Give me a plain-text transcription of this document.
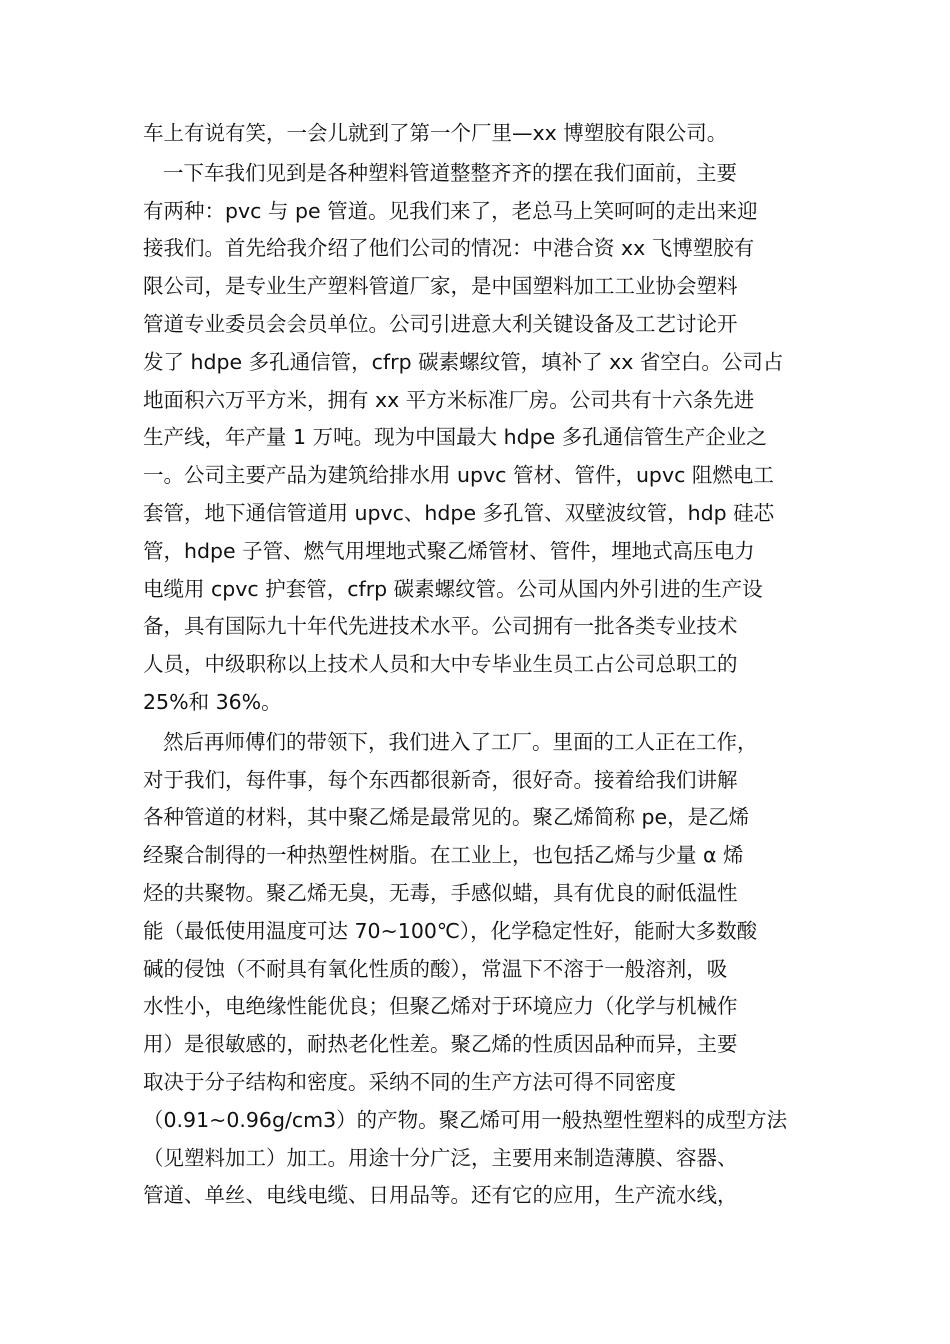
车上有说有笑，一会儿就到了第一个厂里—xx 博塑胶有限公司。
一下车我们见到是各种塑料管道整整齐齐的摆在我们面前，主要
有两种：pvc 与 pe 管道。见我们来了，老总马上笑呵呵的走出来迎
接我们。首先给我介绍了他们公司的情况：中港合资 xx 飞博塑胶有
限公司，是专业生产塑料管道厂家，是中国塑料加工工业协会塑料
管道专业委员会会员单位。公司引进意大利关键设备及工艺讨论开
发了 hdpe 多孔通信管，cfrp 碳素螺纹管，填补了 xx 省空白。公司占
地面积六万平方米，拥有 xx 平方米标准厂房。公司共有十六条先进
生产线，年产量 1 万吨。现为中国最大 hdpe 多孔通信管生产企业之
一。公司主要产品为建筑给排水用 upvc 管材、管件，upvc 阻燃电工
套管，地下通信管道用 upvc、hdpe 多孔管、双壁波纹管，hdp 硅芯
管，hdpe 子管、燃气用埋地式聚乙烯管材、管件，埋地式高压电力
电缆用 cpvc 护套管，cfrp 碳素螺纹管。公司从国内外引进的生产设
备，具有国际九十年代先进技术水平。公司拥有一批各类专业技术
人员，中级职称以上技术人员和大中专毕业生员工占公司总职工的
25%和 36%。
然后再师傅们的带领下，我们进入了工厂。里面的工人正在工作，
对于我们，每件事，每个东西都很新奇，很好奇。接着给我们讲解
各种管道的材料，其中聚乙烯是最常见的。聚乙烯简称 pe，是乙烯
经聚合制得的一种热塑性树脂。在工业上，也包括乙烯与少量 α 烯
烃的共聚物。聚乙烯无臭，无毒，手感似蜡，具有优良的耐低温性
能（最低使用温度可达 70~100℃），化学稳定性好，能耐大多数酸
碱的侵蚀（不耐具有氧化性质的酸），常温下不溶于一般溶剂，吸
水性小，电绝缘性能优良；但聚乙烯对于环境应力（化学与机械作
用）是很敏感的，耐热老化性差。聚乙烯的性质因品种而异，主要
取决于分子结构和密度。采纳不同的生产方法可得不同密度
（0.91~0.96g/cm3）的产物。聚乙烯可用一般热塑性塑料的成型方法
（见塑料加工）加工。用途十分广泛，主要用来制造薄膜、容器、
管道、单丝、电线电缆、日用品等。还有它的应用，生产流水线，
